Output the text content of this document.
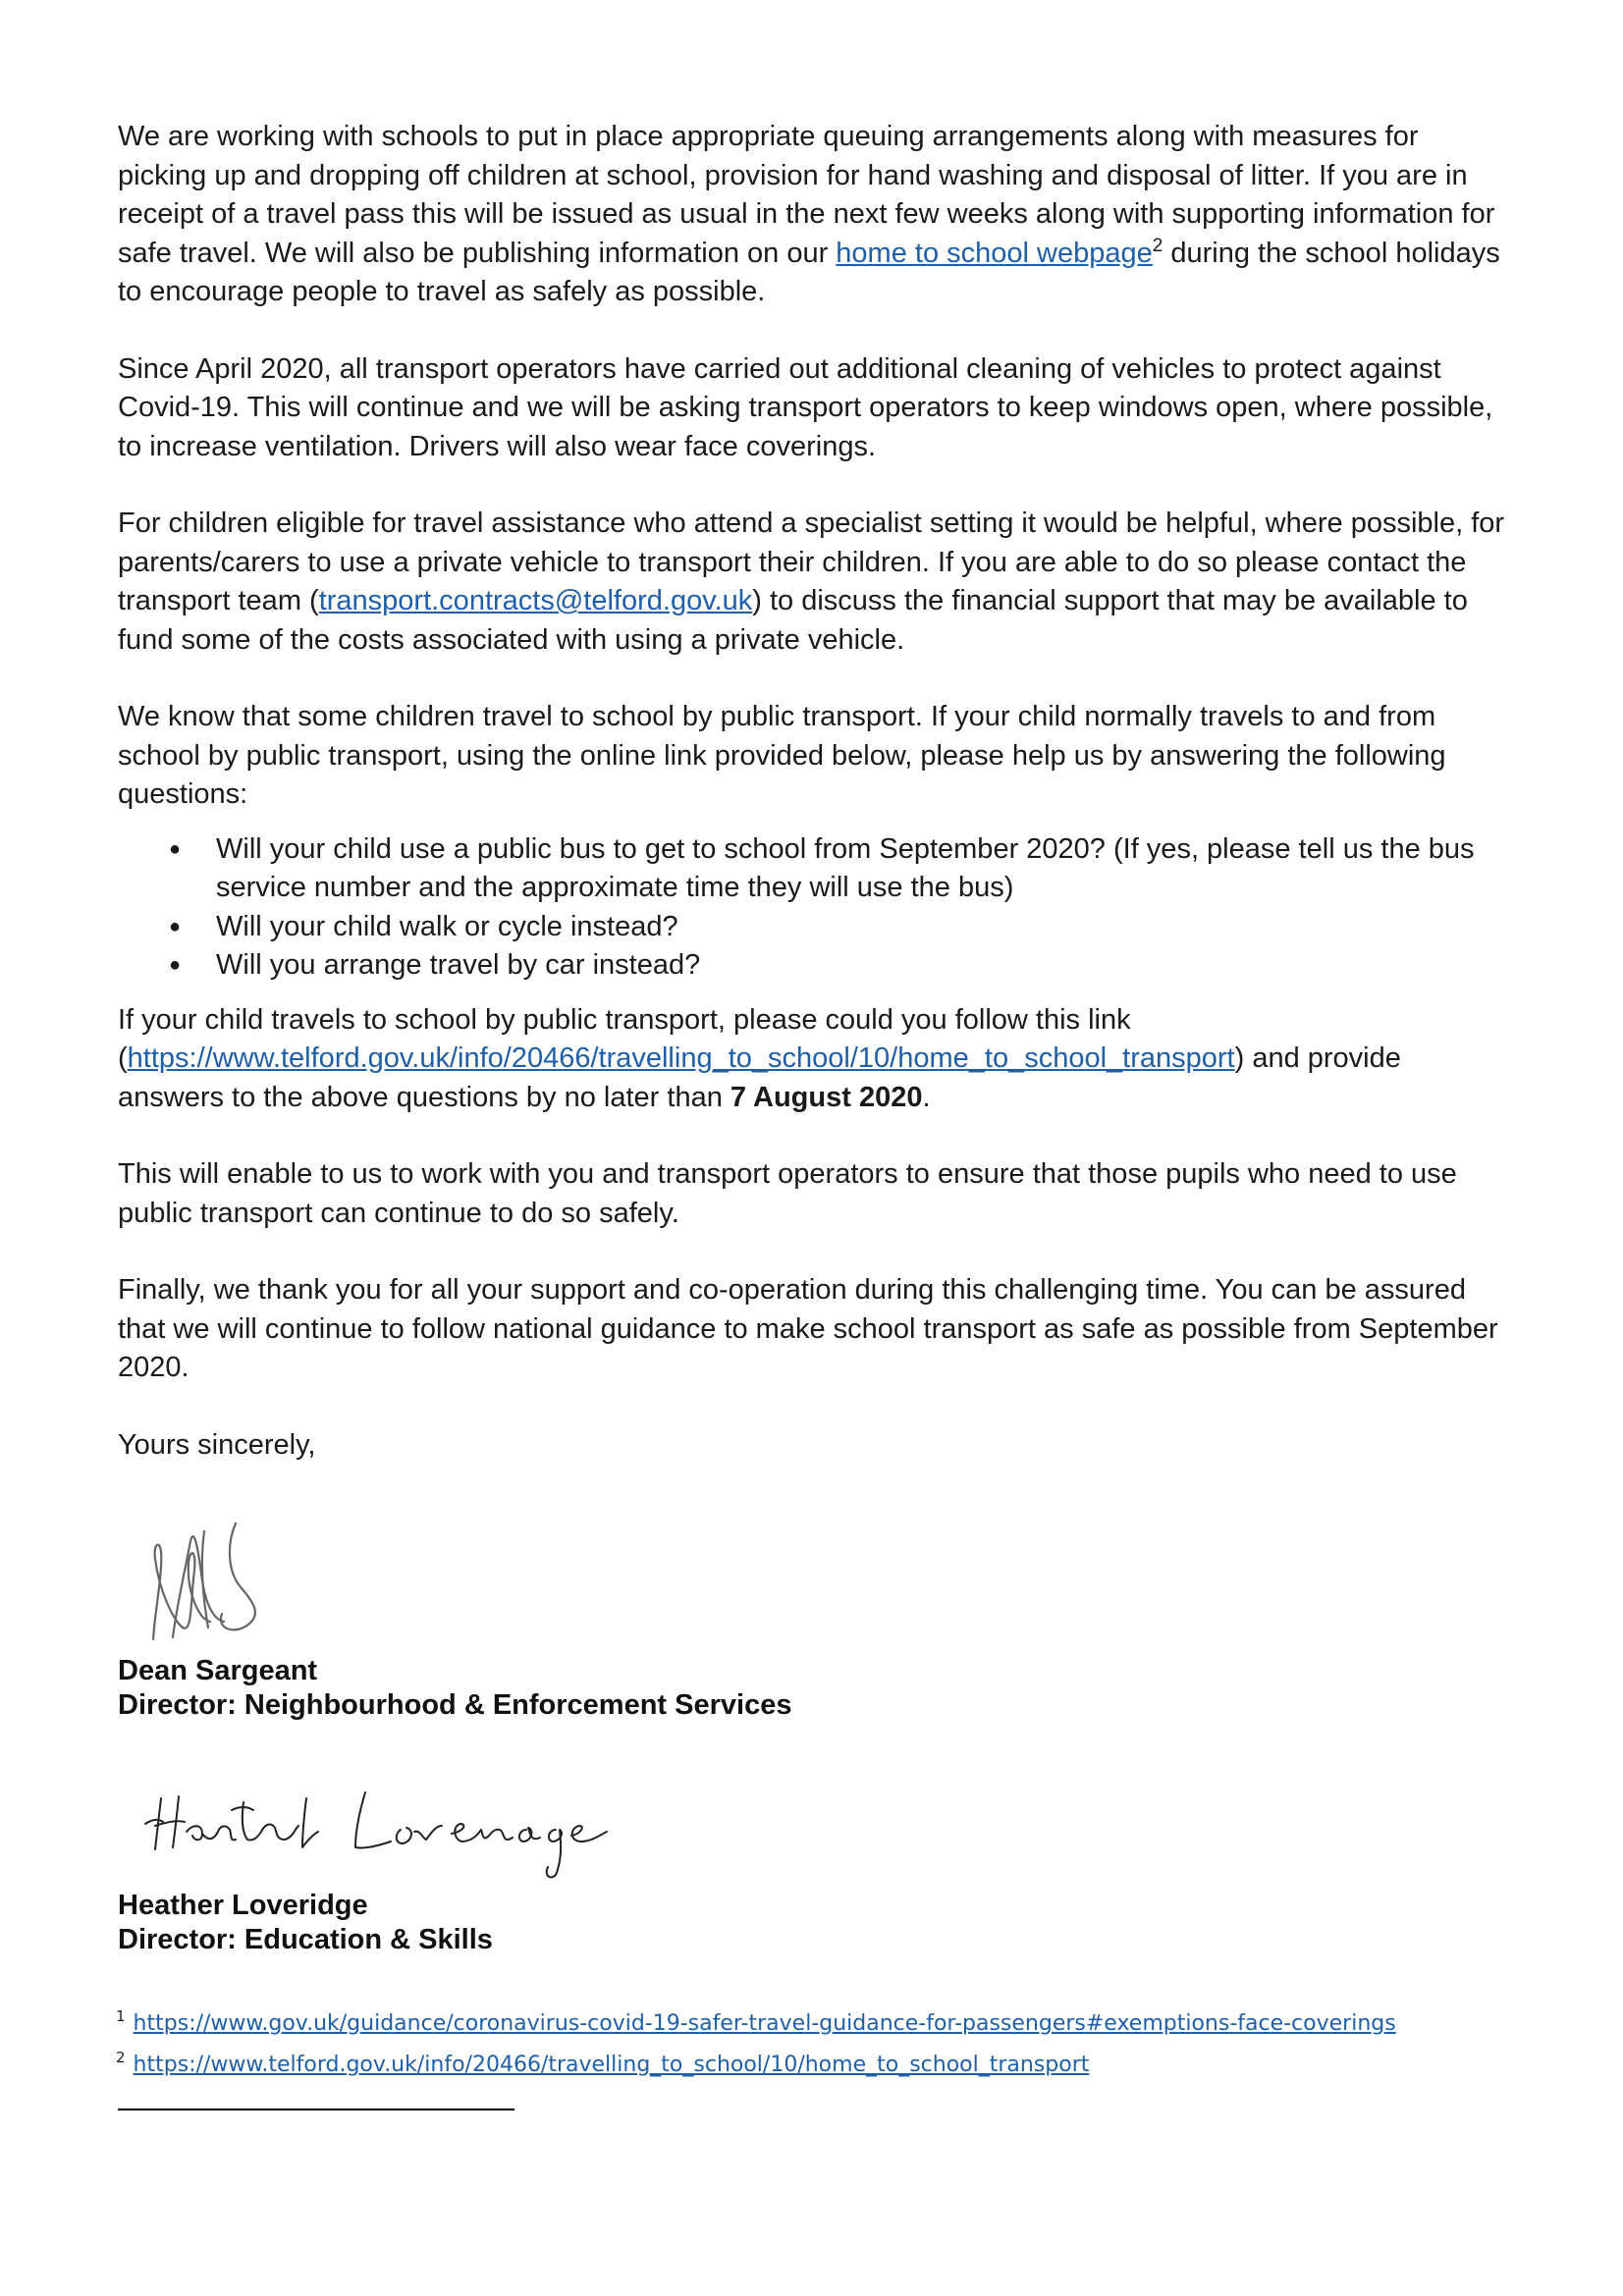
We are working with schools to put in place appropriate queuing arrangements along with measures for picking up and dropping off children at school, provision for hand washing and disposal of litter. If you are in receipt of a travel pass this will be issued as usual in the next few weeks along with supporting information for safe travel. We will also be publishing information on our home to school webpage$^2$ during the school holidays to encourage people to travel as safely as possible.

Since April 2020, all transport operators have carried out additional cleaning of vehicles to protect against Covid-19. This will continue and we will be asking transport operators to keep windows open, where possible, to increase ventilation. Drivers will also wear face coverings.

For children eligible for travel assistance who attend a specialist setting it would be helpful, where possible, for parents/carers to use a private vehicle to transport their children. If you are able to do so please contact the transport team (transport.contracts@telford.gov.uk) to discuss the financial support that may be available to fund some of the costs associated with using a private vehicle.

We know that some children travel to school by public transport. If your child normally travels to and from school by public transport, using the online link provided below, please help us by answering the following questions:

● Will your child use a public bus to get to school from September 2020? (If yes, please tell us the bus service number and the approximate time they will use the bus)
● Will your child walk or cycle instead?
● Will you arrange travel by car instead?

If your child travels to school by public transport, please could you follow this link (https://www.telford.gov.uk/info/20466/travelling_to_school/10/home_to_school_transport) and provide answers to the above questions by no later than 7 August 2020.

This will enable to us to work with you and transport operators to ensure that those pupils who need to use public transport can continue to do so safely.

Finally, we thank you for all your support and co-operation during this challenging time. You can be assured that we will continue to follow national guidance to make school transport as safe as possible from September 2020.

Yours sincerely,

Dean Sargeant
Director: Neighbourhood & Enforcement Services
Heather Loveridge
Director: Education & Skills
$^1$ https://www.gov.uk/guidance/coronavirus-covid-19-safer-travel-guidance-for-passengers#exemptions-face-coverings
$^2$ https://www.telford.gov.uk/info/20466/travelling_to_school/10/home_to_school_transport
